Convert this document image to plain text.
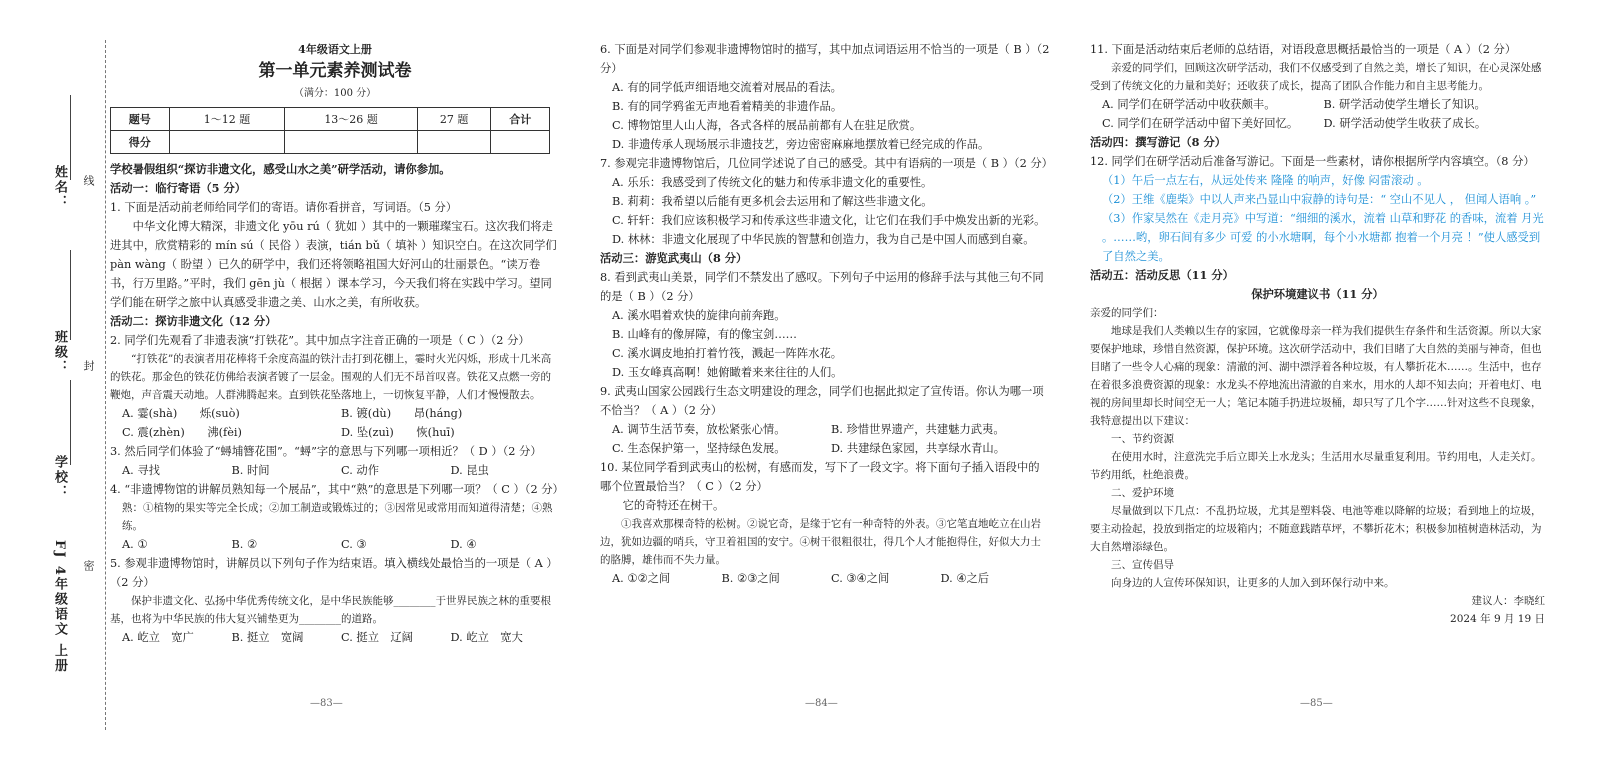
姓名：
班级：
学校：
FJ 4年级语文 上册
线
封
密
4年级语文上册
第一单元素养测试卷
（满分：100 分）
题号	1～12 题	13～26 题	27 题	合计
得分				
学校暑假组织“探访非遗文化，感受山水之美”研学活动，请你参加。
活动一：临行寄语（5 分）
1. 下面是活动前老师给同学们的寄语。请你看拼音，写词语。（5 分）
中华文化博大精深，非遗文化 yōu rú（ 犹如 ）其中的一颗璀璨宝石。这次我们将走进其中，欣赏精彩的 mín sú（ 民俗 ）表演，tián bǔ（ 填补 ）知识空白。在这次同学们 pàn wàng（ 盼望 ）已久的研学中，我们还将领略祖国大好河山的壮丽景色。“读万卷书，行万里路。”平时，我们 gēn jù（ 根据 ）课本学习，今天我们将在实践中学习。望同学们能在研学之旅中认真感受非遗之美、山水之美，有所收获。
活动二：探访非遗文化（12 分）
2. 同学们先观看了非遗表演“打铁花”。其中加点字注音正确的一项是（ C ）（2 分）
“打铁花”的表演者用花棒将千余度高温的铁汁击打到花棚上，霎时火光闪烁，形成十几米高的铁花。那金色的铁花仿佛给表演者镀了一层金。围观的人们无不昂首叹喜。铁花又点燃一旁的鞭炮，声音震天动地。人群沸腾起来。直到铁花坠落地上，一切恢复平静，人们才慢慢散去。
A. 霎(shà)　　烁(suò)	B. 镀(dù)　　昂(háng)
C. 震(zhèn)　　沸(fèi)	D. 坠(zuì)　　恢(huī)
3. 然后同学们体验了“蟳埔簪花围”。“蟳”字的意思与下列哪一项相近？（ D ）（2 分）
A. 寻找	B. 时间	C. 动作	D. 昆虫
4. “非遗博物馆的讲解员熟知每一个展品”，其中“熟”的意思是下列哪一项？（ C ）（2 分）
熟：①植物的果实等完全长成；②加工制造或锻炼过的；③因常见或常用而知道得清楚；④熟练。
A. ①	B. ②	C. ③	D. ④
5. 参观非遗博物馆时，讲解员以下列句子作为结束语。填入横线处最恰当的一项是（ A ）（2 分）
保护非遗文化、弘扬中华优秀传统文化，是中华民族能够________于世界民族之林的重要根基，也将为中华民族的伟大复兴铺垫更为________的道路。
A. 屹立　宽广	B. 挺立　宽阔	C. 挺立　辽阔	D. 屹立　宽大
—83—
6. 下面是对同学们参观非遗博物馆时的描写，其中加点词语运用不恰当的一项是（ B ）（2 分）
A. 有的同学低声细语地交流着对展品的看法。
B. 有的同学鸦雀无声地看着精美的非遗作品。
C. 博物馆里人山人海，各式各样的展品前都有人在驻足欣赏。
D. 非遗传承人现场展示非遗技艺，旁边密密麻麻地摆放着已经完成的作品。
7. 参观完非遗博物馆后，几位同学述说了自己的感受。其中有语病的一项是（ B ）（2 分）
A. 乐乐：我感受到了传统文化的魅力和传承非遗文化的重要性。
B. 莉莉：我希望以后能有更多机会去运用和了解这些非遗文化。
C. 轩轩：我们应该积极学习和传承这些非遗文化，让它们在我们手中焕发出新的光彩。
D. 林林：非遗文化展现了中华民族的智慧和创造力，我为自己是中国人而感到自豪。
活动三：游览武夷山（8 分）
8. 看到武夷山美景，同学们不禁发出了感叹。下列句子中运用的修辞手法与其他三句不同的是（ B ）（2 分）
A. 溪水唱着欢快的旋律向前奔跑。
B. 山峰有的像屏障，有的像宝剑……
C. 溪水调皮地拍打着竹筏，溅起一阵阵水花。
D. 玉女峰真高啊！她俯瞰着来来往往的人们。
9. 武夷山国家公园践行生态文明建设的理念，同学们也据此拟定了宣传语。你认为哪一项不恰当？（ A ）（2 分）
A. 调节生活节奏，放松紧张心情。	B. 珍惜世界遗产，共建魅力武夷。
C. 生态保护第一，坚持绿色发展。	D. 共建绿色家园，共享绿水青山。
10. 某位同学看到武夷山的松树，有感而发，写下了一段文字。将下面句子插入语段中的哪个位置最恰当？（ C ）（2 分）
它的奇特还在树干。
①我喜欢那棵奇特的松树。②说它奇，是缘于它有一种奇特的外表。③它笔直地屹立在山岩边，犹如边疆的哨兵，守卫着祖国的安宁。④树干很粗很壮，得几个人才能抱得住，好似大力士的胳膊，雄伟而不失力量。
A. ①②之间	B. ②③之间	C. ③④之间	D. ④之后
—84—
11. 下面是活动结束后老师的总结语，对语段意思概括最恰当的一项是（ A ）（2 分）
亲爱的同学们，回顾这次研学活动，我们不仅感受到了自然之美，增长了知识，在心灵深处感受到了传统文化的力量和美好；还收获了成长，提高了团队合作能力和自主思考能力。
A. 同学们在研学活动中收获颇丰。	B. 研学活动使学生增长了知识。
C. 同学们在研学活动中留下美好回忆。	D. 研学活动使学生收获了成长。
活动四：撰写游记（8 分）
12. 同学们在研学活动后准备写游记。下面是一些素材，请你根据所学内容填空。（8 分）
（1）午后一点左右，从远处传来 隆隆 的响声，好像 闷雷滚动 。
（2）王维《鹿柴》中以人声来凸显山中寂静的诗句是：“ 空山不见人 ， 但闻人语响 。”
（3）作家吴然在《走月亮》中写道：“细细的溪水，流着 山草和野花 的香味，流着 月光 。……哟，卵石间有多少 可爱 的小水塘啊，每个小水塘都 抱着一个月亮 ！”使人感受到了自然之美。
活动五：活动反思（11 分）
保护环境建议书（11 分）
亲爱的同学们：
地球是我们人类赖以生存的家园，它就像母亲一样为我们提供生存条件和生活资源。所以大家要保护地球，珍惜自然资源，保护环境。这次研学活动中，我们目睹了大自然的美丽与神奇，但也目睹了一些令人心痛的现象：清澈的河、湖中漂浮着各种垃圾，有人攀折花木……。生活中，也存在着很多浪费资源的现象：水龙头不停地流出清澈的自来水，用水的人却不知去向；开着电灯、电视的房间里却长时间空无一人；笔记本随手扔进垃圾桶，却只写了几个字……针对这些不良现象，我特意提出以下建议：
一、节约资源
在使用水时，注意洗完手后立即关上水龙头；生活用水尽量重复利用。节约用电，人走关灯。节约用纸，杜绝浪费。
二、爱护环境
尽量做到以下几点：不乱扔垃圾，尤其是塑料袋、电池等难以降解的垃圾；看到地上的垃圾，要主动捡起，投放到指定的垃圾箱内；不随意践踏草坪，不攀折花木；积极参加植树造林活动，为大自然增添绿色。
三、宣传倡导
向身边的人宣传环保知识，让更多的人加入到环保行动中来。
建议人：李晓红
2024 年 9 月 19 日
—85—
